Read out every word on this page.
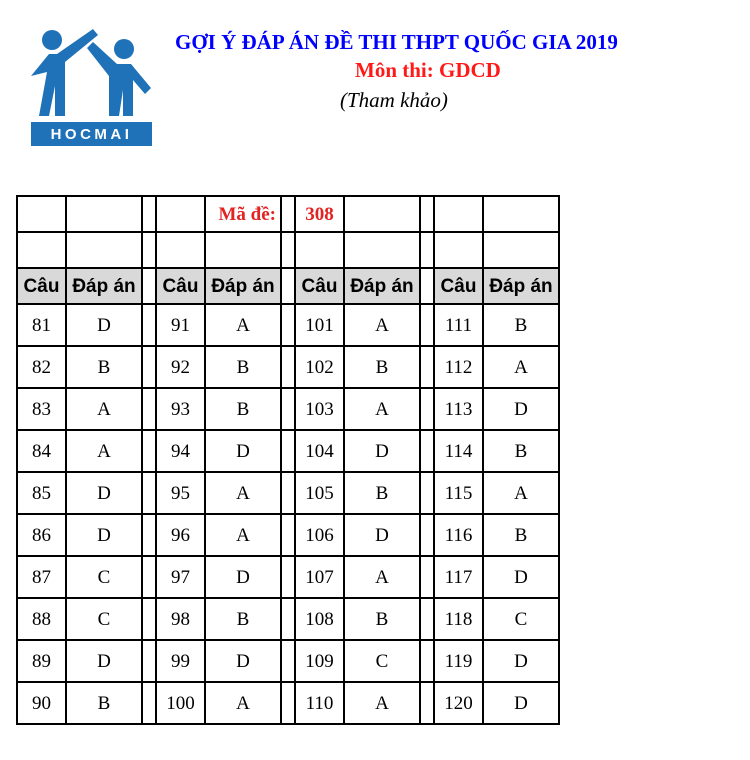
HOCMAI
GỢI Ý ĐÁP ÁN ĐỀ THI THPT QUỐC GIA 2019
Môn thi: GDCD
(Tham khảo)
				Mã đề:		308				

Câu	Đáp án		Câu	Đáp án		Câu	Đáp án		Câu	Đáp án
81	D		91	A		101	A		111	B
82	B		92	B		102	B		112	A
83	A		93	B		103	A		113	D
84	A		94	D		104	D		114	B
85	D		95	A		105	B		115	A
86	D		96	A		106	D		116	B
87	C		97	D		107	A		117	D
88	C		98	B		108	B		118	C
89	D		99	D		109	C		119	D
90	B		100	A		110	A		120	D
